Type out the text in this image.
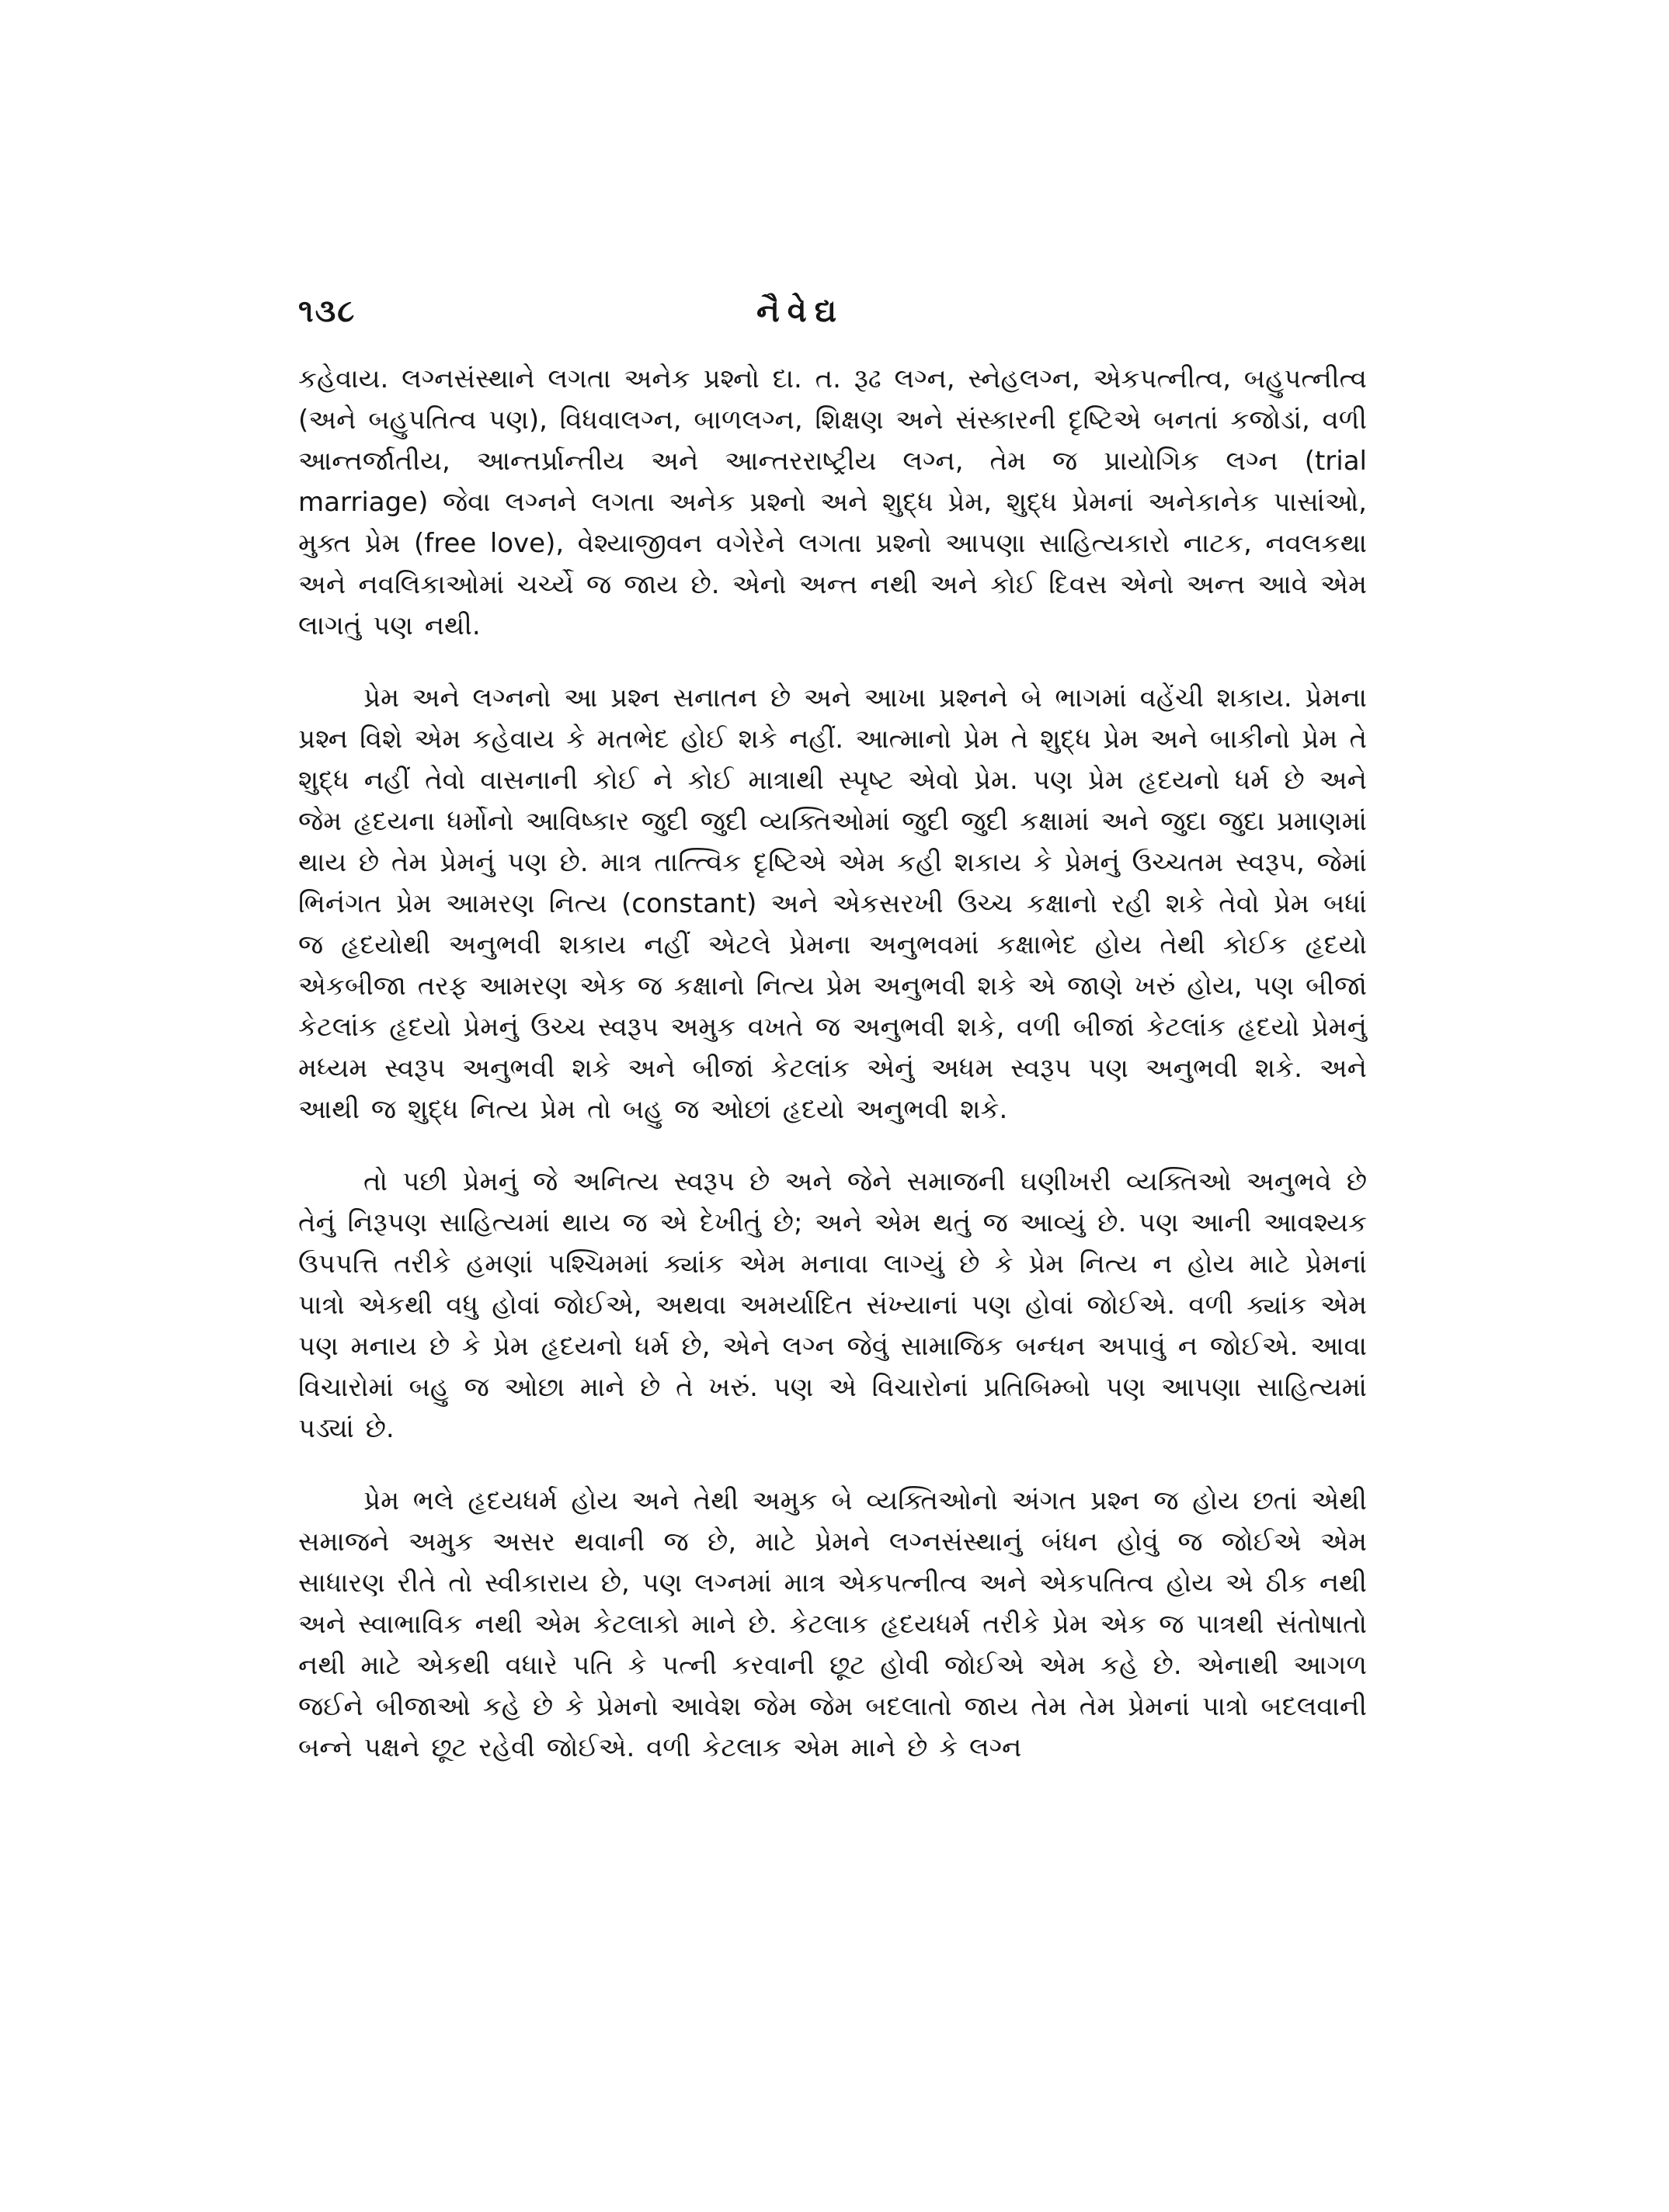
૧૩૮	નૈવેદ્ય

કહેવાય. લગ્નસંસ્થાને લગતા અનેક પ્રશ્નો દા. ત. રૂઢ લગ્ન, સ્નેહલગ્ન, એકપત્નીત્વ, બહુપત્નીત્વ (અને બહુપતિત્વ પણ), વિધવાલગ્ન, બાળલગ્ન, શિક્ષણ અને સંસ્કારની દૃષ્ટિએ બનતાં કજોડાં, વળી આન્તર્જાતીય, આન્તર્પ્રાન્તીય અને આન્તરરાષ્ટ્રીય લગ્ન, તેમ જ પ્રાયોગિક લગ્ન (trial marriage) જેવા લગ્નને લગતા અનેક પ્રશ્નો અને શુદ્ધ પ્રેમ, શુદ્ધ પ્રેમનાં અનેકાનેક પાસાંઓ, મુક્ત પ્રેમ (free love), વેશ્યાજીવન વગેરેને લગતા પ્રશ્નો આપણા સાહિત્યકારો નાટક, નવલકથા અને નવલિકાઓમાં ચર્ચ્યે જ જાય છે. એનો અન્ત નથી અને કોઈ દિવસ એનો અન્ત આવે એમ લાગતું પણ નથી.

પ્રેમ અને લગ્નનો આ પ્રશ્ન સનાતન છે અને આખા પ્રશ્નને બે ભાગમાં વહેંચી શકાય. પ્રેમના પ્રશ્ન વિશે એમ કહેવાય કે મતભેદ હોઈ શકે નહીં. આત્માનો પ્રેમ તે શુદ્ધ પ્રેમ અને બાકીનો પ્રેમ તે શુદ્ધ નહીં તેવો વાસનાની કોઈ ને કોઈ માત્રાથી સ્પૃષ્ટ એવો પ્રેમ. પણ પ્રેમ હૃદયનો ધર્મ છે અને જેમ હૃદયના ધર્મોનો આવિષ્કાર જુદી જુદી વ્યક્તિઓમાં જુદી જુદી કક્ષામાં અને જુદા જુદા પ્રમાણમાં થાય છે તેમ પ્રેમનું પણ છે. માત્ર તાત્ત્વિક દૃષ્ટિએ એમ કહી શકાય કે પ્રેમનું ઉચ્ચતમ સ્વરૂપ, જેમાં ભિનંગત પ્રેમ આમરણ નિત્ય (constant) અને એકસરખી ઉચ્ચ કક્ષાનો રહી શકે તેવો પ્રેમ બધાં જ હૃદયોથી અનુભવી શકાય નહીં એટલે પ્રેમના અનુભવમાં કક્ષાભેદ હોય તેથી કોઈક હૃદયો એકબીજા તરફ આમરણ એક જ કક્ષાનો નિત્ય પ્રેમ અનુભવી શકે એ જાણે ખરું હોય, પણ બીજાં કેટલાંક હૃદયો પ્રેમનું ઉચ્ચ સ્વરૂપ અમુક વખતે જ અનુભવી શકે, વળી બીજાં કેટલાંક હૃદયો પ્રેમનું મધ્યમ સ્વરૂપ અનુભવી શકે અને બીજાં કેટલાંક એનું અધમ સ્વરૂપ પણ અનુભવી શકે. અને આથી જ શુદ્ધ નિત્ય પ્રેમ તો બહુ જ ઓછાં હૃદયો અનુભવી શકે.

તો પછી પ્રેમનું જે અનિત્ય સ્વરૂપ છે અને જેને સમાજની ઘણીખરી વ્યક્તિઓ અનુભવે છે તેનું નિરૂપણ સાહિત્યમાં થાય જ એ દેખીતું છે; અને એમ થતું જ આવ્યું છે. પણ આની આવશ્યક ઉપપત્તિ તરીકે હમણાં પશ્ચિમમાં ક્યાંક એમ મનાવા લાગ્યું છે કે પ્રેમ નિત્ય ન હોય માટે પ્રેમનાં પાત્રો એકથી વધુ હોવાં જોઈએ, અથવા અમર્યાદિત સંખ્યાનાં પણ હોવાં જોઈએ. વળી ક્યાંક એમ પણ મનાય છે કે પ્રેમ હૃદયનો ધર્મ છે, એને લગ્ન જેવું સામાજિક બન્ધન અપાવું ન જોઈએ. આવા વિચારોમાં બહુ જ ઓછા માને છે તે ખરું. પણ એ વિચારોનાં પ્રતિબિમ્બો પણ આપણા સાહિત્યમાં પડ્યાં છે.

પ્રેમ ભલે હૃદયધર્મ હોય અને તેથી અમુક બે વ્યક્તિઓનો અંગત પ્રશ્ન જ હોય છતાં એથી સમાજને અમુક અસર થવાની જ છે, માટે પ્રેમને લગ્નસંસ્થાનું બંધન હોવું જ જોઈએ એમ સાધારણ રીતે તો સ્વીકારાય છે, પણ લગ્નમાં માત્ર એકપત્નીત્વ અને એકપતિત્વ હોય એ ઠીક નથી અને સ્વાભાવિક નથી એમ કેટલાકો માને છે. કેટલાક હૃદયધર્મ તરીકે પ્રેમ એક જ પાત્રથી સંતોષાતો નથી માટે એકથી વધારે પતિ કે પત્ની કરવાની છૂટ હોવી જોઈએ એમ કહે છે. એનાથી આગળ જઈને બીજાઓ કહે છે કે પ્રેમનો આવેશ જેમ જેમ બદલાતો જાય તેમ તેમ પ્રેમનાં પાત્રો બદલવાની બન્ને પક્ષને છૂટ રહેવી જોઈએ. વળી કેટલાક એમ માને છે કે લગ્ન
